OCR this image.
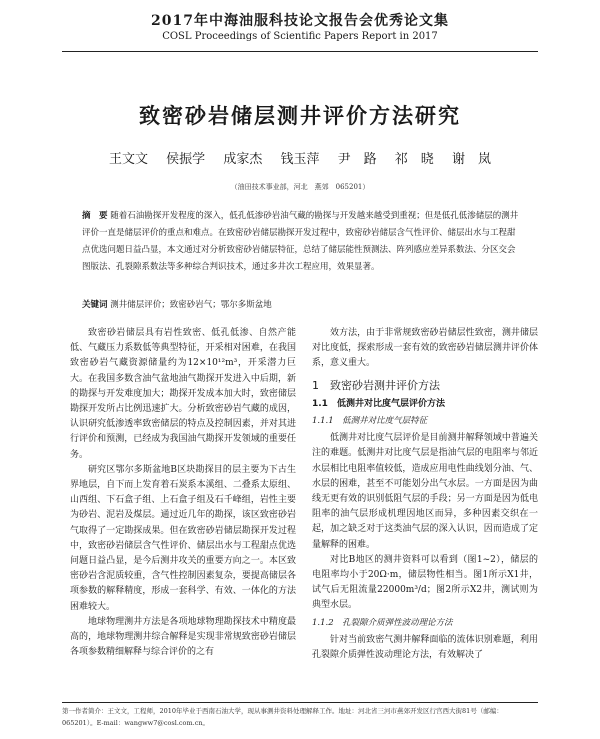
2017年中海油服科技论文报告会优秀论文集
COSL Proceedings of Scientific Papers Report in 2017
致密砂岩储层测井评价方法研究
王文文 侯振学 成家杰 钱玉萍 尹　路 祁　晓 谢　岚
（油田技术事业部，河北　燕郊　065201）
摘　要 随着石油勘探开发程度的深入，低孔低渗砂岩油气藏的勘探与开发越来越受到重视；但是低孔低渗储层的测井评价一直是储层评价的重点和难点。在致密砂岩储层勘探开发过程中，致密砂岩储层含气性评价、储层出水与工程甜点优选问题日益凸显，本文通过对分析致密砂岩储层特征，总结了储层能性预测法、阵列感应差异系数法、分区交会图版法、孔裂隙系数法等多种综合判识技术，通过多井次工程应用，效果显著。
关键词 测井储层评价；致密砂岩气；鄂尔多斯盆地

致密砂岩储层具有岩性致密、低孔低渗、自然产能低、气藏压力系数低等典型特征，开采相对困难，在我国致密砂岩气藏资源储量约为12×10¹²m³，开采潜力巨大。在我国多数含油气盆地油气勘探开发进入中后期，新的勘探与开发难度加大；勘探开发成本加大时，致密储层勘探开发所占比例迅速扩大。分析致密砂岩气藏的成因，认识研究低渗透率致密储层的特点及控制因素，并对其进行评价和预测，已经成为我国油气勘探开发领域的重要任务。

研究区鄂尔多斯盆地B区块勘探目的层主要为下古生界地层，自下而上发育着石炭系本溪组、二叠系太原组、山西组、下石盒子组、上石盒子组及石千峰组，岩性主要为砂岩、泥岩及煤层。通过近几年的勘探，该区致密砂岩气取得了一定勘探成果。但在致密砂岩储层勘探开发过程中，致密砂岩储层含气性评价、储层出水与工程甜点优选问题日益凸显，是今后测井攻关的重要方向之一。本区致密砂岩含泥质较重，含气性控制因素复杂，要提高储层各项参数的解释精度，形成一套科学、有效、一体化的方法困难较大。

地球物理测井方法是各项地球物理勘探技术中精度最高的，地球物理测井综合解释是实现非常规致密砂岩储层各项参数精细解释与综合评价的之有

效方法，由于非常规致密砂岩储层性致密，测井储层对比度低，探索形成一套有效的致密砂岩储层测井评价体系，意义重大。

1　致密砂岩测井评价方法
1.1　低测井对比度气层评价方法
1.1.1　低测井对比度气层特征

低测井对比度气层评价是目前测井解释领域中普遍关注的难题。低测井对比度气层是指油气层的电阻率与邻近水层相比电阻率值较低，造成应用电性曲线划分油、气、水层的困难，甚至不可能划分出气水层。一方面是因为曲线无更有效的识别低阻气层的手段；另一方面是因为低电阻率的油气层形成机理因地区而异，多种因素交织在一起，加之缺乏对于这类油气层的深入认识，因而造成了定量解释的困难。

对比B地区的测井资料可以看到（图1~2），储层的电阻率均小于20Ω·m，储层物性相当。图1所示X1井，试气后无阻流量22000m³/d；图2所示X2井，测试则为典型水层。

1.1.2　孔裂隙介质弹性波动理论方法

针对当前致密气测井解释面临的流体识别难题，利用孔裂隙介质弹性波动理论方法，有效解决了

第一作者简介：王文文，工程师，2010年毕业于西南石油大学，现从事测井资料处理解释工作。地址：河北省三河市燕郊开发区行宫西大街81号（邮编：
065201）。E-mail：wangww7@cosl.com.cn。
